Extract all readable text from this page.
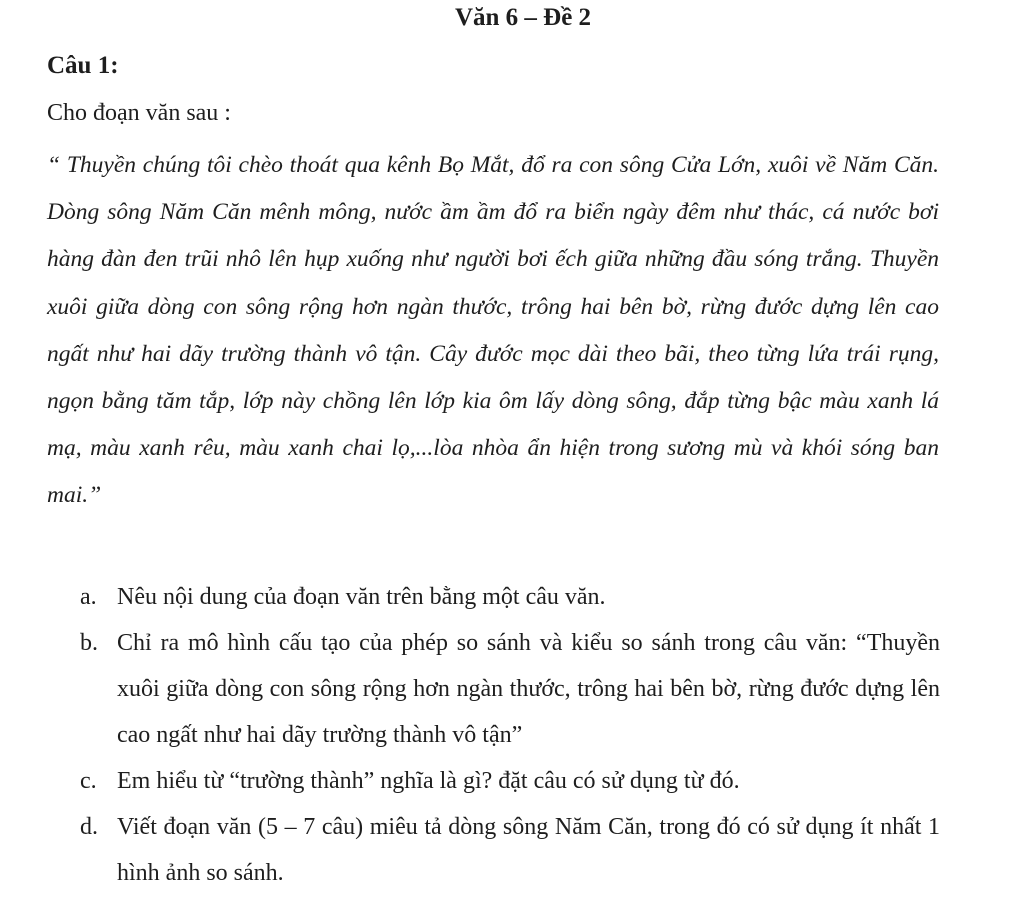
Văn 6 – Đề 2
Câu 1:
Cho đoạn văn sau :

“ Thuyền chúng tôi chèo thoát qua kênh Bọ Mắt, đổ ra con sông Cửa Lớn, xuôi về Năm Căn. Dòng sông Năm Căn mênh mông, nước ầm ầm đổ ra biển ngày đêm như thác, cá nước bơi hàng đàn đen trũi nhô lên hụp xuống như người bơi ếch giữa những đầu sóng trắng. Thuyền xuôi giữa dòng con sông rộng hơn ngàn thước, trông hai bên bờ, rừng đước dựng lên cao ngất như hai dãy trường thành vô tận. Cây đước mọc dài theo bãi, theo từng lứa trái rụng, ngọn bằng tăm tắp, lớp này chồng lên lớp kia ôm lấy dòng sông, đắp từng bậc màu xanh lá mạ, màu xanh rêu, màu xanh chai lọ,...lòa nhòa ẩn hiện trong sương mù và khói sóng ban mai.”

a. Nêu nội dung của đoạn văn trên bằng một câu văn.
b. Chỉ ra mô hình cấu tạo của phép so sánh và kiểu so sánh trong câu văn: “Thuyền xuôi giữa dòng con sông rộng hơn ngàn thước, trông hai bên bờ, rừng đước dựng lên cao ngất như hai dãy trường thành vô tận”
c. Em hiểu từ “trường thành” nghĩa là gì? đặt câu có sử dụng từ đó.
d. Viết đoạn văn (5 – 7 câu) miêu tả dòng sông Năm Căn, trong đó có sử dụng ít nhất 1 hình ảnh so sánh.
